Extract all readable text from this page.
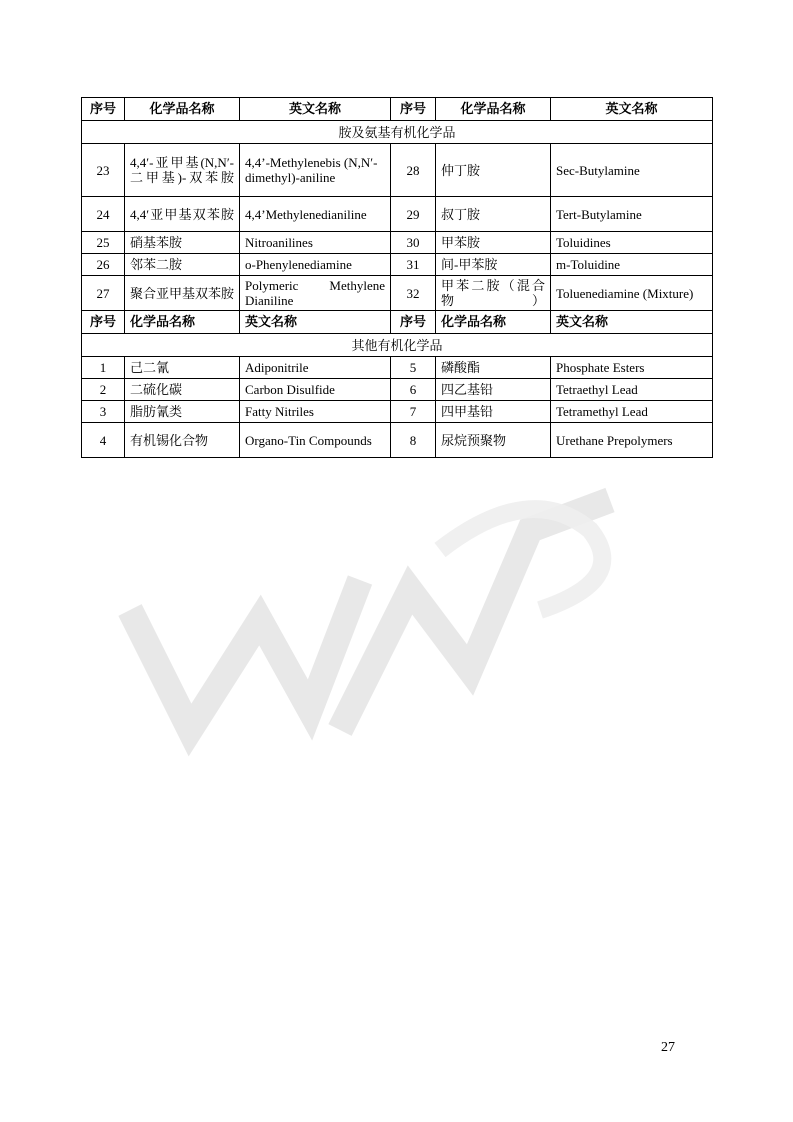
序号	化学品名称	英文名称	序号	化学品名称	英文名称
胺及氨基有机化学品					
23	4,4′-亚甲基(N,N′-二甲基)-双苯胺	4,4’-Methylenebis (N,N′-dimethyl)-aniline	28	仲丁胺	Sec-Butylamine
24	4,4′亚甲基双苯胺	4,4’Methylenedianiline	29	叔丁胺	Tert-Butylamine
25	硝基苯胺	Nitroanilines	30	甲苯胺	Toluidines
26	邻苯二胺	o-Phenylenediamine	31	间-甲苯胺	m-Toluidine
27	聚合亚甲基双苯胺	Polymeric Methylene Dianiline	32	甲苯二胺（混合物）	Toluenediamine (Mixture)
序号	化学品名称	英文名称	序号	化学品名称	英文名称
其他有机化学品					
1	己二氰	Adiponitrile	5	磷酸酯	Phosphate Esters
2	二硫化碳	Carbon Disulfide	6	四乙基铅	Tetraethyl Lead
3	脂肪氰类	Fatty Nitriles	7	四甲基铅	Tetramethyl Lead
4	有机锡化合物	Organo-Tin Compounds	8	尿烷预聚物	Urethane Prepolymers
27
